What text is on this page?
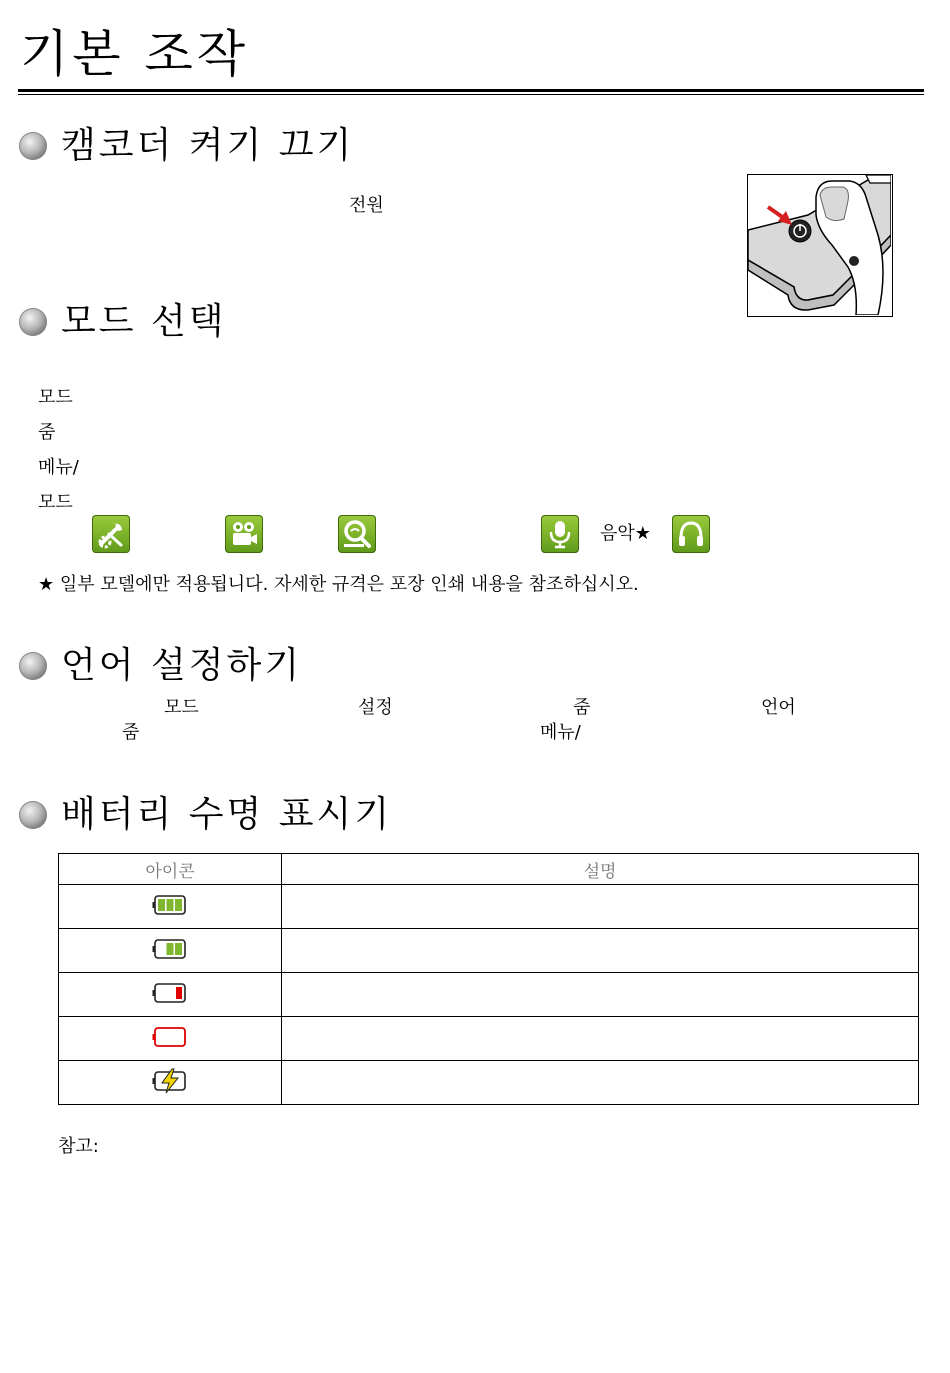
기본 조작
캠코더 켜기 끄기
전원
모드 선택
모드
줌
메뉴/
모드
음악★
★ 일부 모델에만 적용됩니다. 자세한 규격은 포장 인쇄 내용을 참조하십시오.
언어 설정하기
모드	설정	줌	언어
줌	메뉴/
배터리 수명 표시기
아이콘	설명

참고:
